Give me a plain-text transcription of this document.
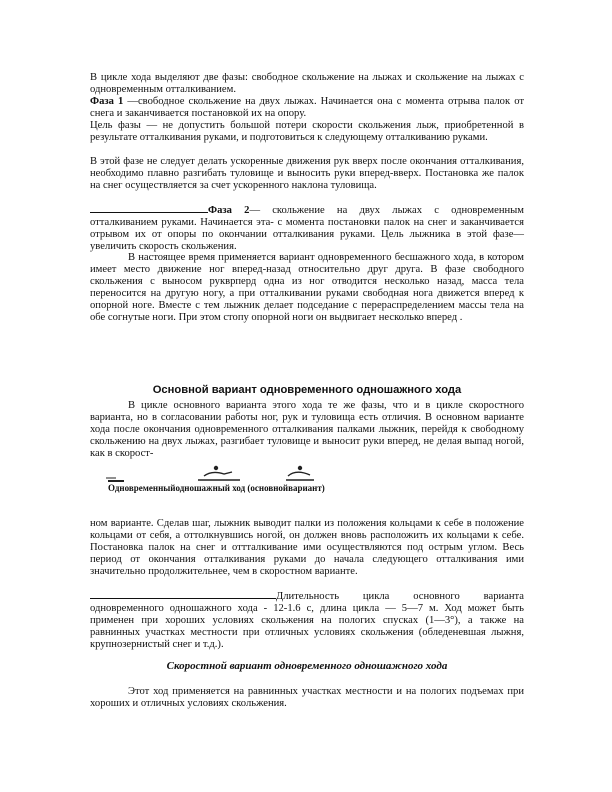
В цикле хода выделяют две фазы: свободное скольжение на лыжах и скольжение на лыжах с одновременным отталкиванием.

Фаза 1 —свободное скольжение на двух лыжах. Начинается она с момента отрыва палок от снега и заканчивается постановкой их на опору.

Цель фазы — не допустить большой потери скорости скольжения лыж, приобретенной в результате отталкивания руками, и подготовиться к следующему отталкиванию руками.

В этой фазе не следует делать ускоренные движения рук вверх после окончания отталкивания, необходимо плавно разгибать туловище и выносить руки вперед-вверх. Постановка же палок на снег осуществляется за счет ускоренного наклона туловища.

Фаза 2— скольжение на двух лыжах с одновременным отталкиванием руками. Начинается эта- с момента постановки палок на снег и заканчивается отрывом их от опоры по окончании отталкивания руками. Цель лыжника в этой фазе—увеличить скорость скольжения.

В настоящее время применяется вариант одновременного бесшажного хода, в котором имеет место движение ног вперед-назад относительно друг друга. В фазе свободного скольжения с выносом рукврперд одна из ног отводится несколько назад, масса тела переносится на другую ногу, а при отталкивании руками свободная нога движется вперед к опорной ноге. Вместе с тем лыжник делает подседание с перераспределением массы тела на обе согнутые ноги. При этом стопу опорной ноги он выдвигает несколько вперед .

Основной вариант одновременного одношажного хода

В цикле основного варианта этого хода те же фазы, что и в цикле скоростного варианта, но в согласовании работы ног, рук и туловища есть отличия. В основном варианте хода после окончания одновременного отталкивания палками лыжник, перейдя к свободному скольжению на двух лыжах, разгибает туловище и выносит руки вперед, не делая выпад ногой, как в скорост-

Одновременныйодношажный ход (основнойвариант)

ном варианте. Сделав шаг, лыжник выводит палки из положения кольцами к себе в положение кольцами от себя, а оттолкнувшись ногой, он должен вновь расположить их кольцами к себе. Постановка палок на снег и оттталкивание ими осуществляются под острым углом. Весь период от окончания отталкивания руками до начала следующего отталкивания ими значительно продолжительнее, чем в скоростном варианте.

Длительность цикла основного варианта одновременного одношажного хода - 12-1.6 с, длина цикла — 5—7 м. Ход может быть применен при хороших условиях скольжения на пологих спусках (1—3°), а также на равнинных участках местности при отличных условиях скольжения (обледеневшая лыжня, крупнозернистый снег и т.д.).

Скоростной вариант одновременного одношажного хода

Этот ход применяется на равнинных участках местности и на пологих подъемах при хороших и отличных условиях скольжения.
